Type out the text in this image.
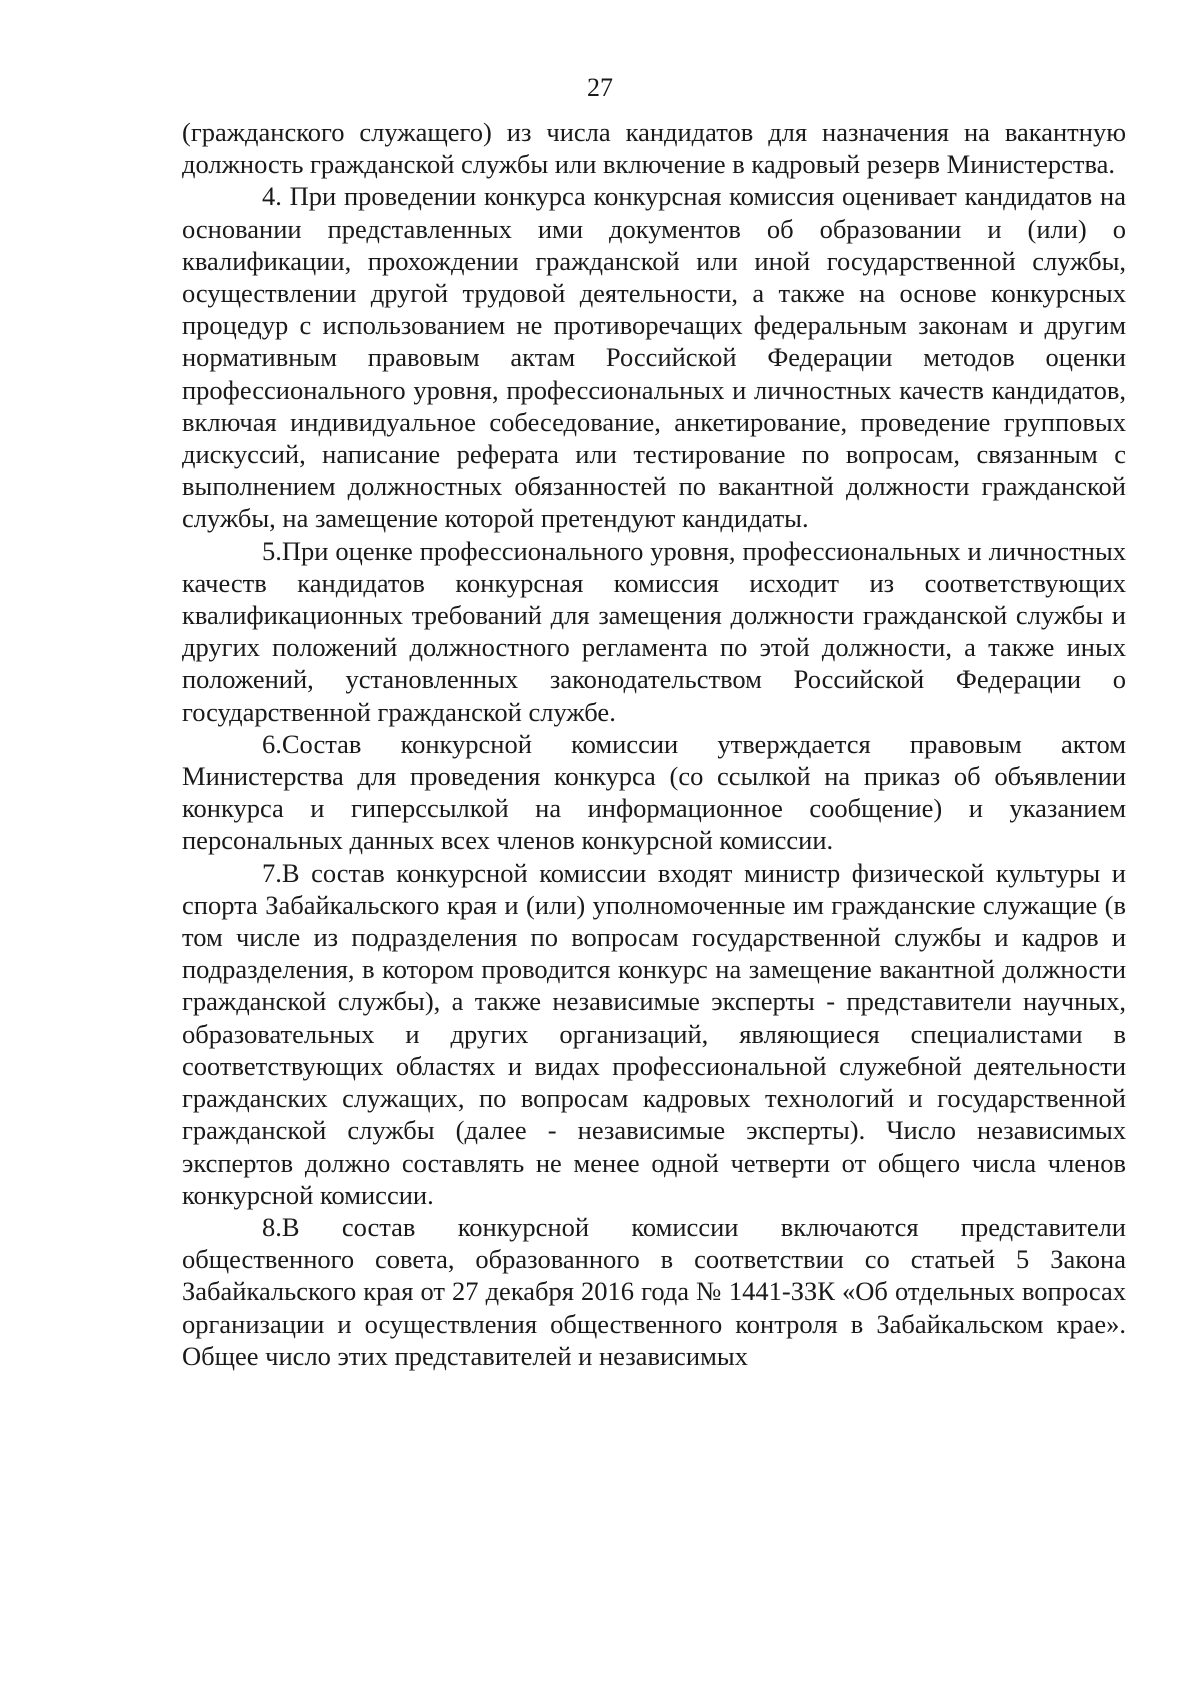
27

(гражданского служащего) из числа кандидатов для назначения на вакантную должность гражданской службы или включение в кадровый резерв Министерства.

4. При проведении конкурса конкурсная комиссия оценивает кандидатов на основании представленных ими документов об образовании и (или) о квалификации, прохождении гражданской или иной государственной службы, осуществлении другой трудовой деятельности, а также на основе конкурсных процедур с использованием не противоречащих федеральным законам и другим нормативным правовым актам Российской Федерации методов оценки профессионального уровня, профессиональных и личностных качеств кандидатов, включая индивидуальное собеседование, анкетирование, проведение групповых дискуссий, написание реферата или тестирование по вопросам, связанным с выполнением должностных обязанностей по вакантной должности гражданской службы, на замещение которой претендуют кандидаты.

5.При оценке профессионального уровня, профессиональных и личностных качеств кандидатов конкурсная комиссия исходит из соответствующих квалификационных требований для замещения должности гражданской службы и других положений должностного регламента по этой должности, а также иных положений, установленных законодательством Российской Федерации о государственной гражданской службе.

6.Состав конкурсной комиссии утверждается правовым актом Министерства для проведения конкурса (со ссылкой на приказ об объявлении конкурса и гиперссылкой на информационное сообщение) и указанием персональных данных всех членов конкурсной комиссии.

7.В состав конкурсной комиссии входят министр физической культуры и спорта Забайкальского края и (или) уполномоченные им гражданские служащие (в том числе из подразделения по вопросам государственной службы и кадров и подразделения, в котором проводится конкурс на замещение вакантной должности гражданской службы), а также независимые эксперты - представители научных, образовательных и других организаций, являющиеся специалистами в соответствующих областях и видах профессиональной служебной деятельности гражданских служащих, по вопросам кадровых технологий и государственной гражданской службы (далее - независимые эксперты). Число независимых экспертов должно составлять не менее одной четверти от общего числа членов конкурсной комиссии.

8.В состав конкурсной комиссии включаются представители общественного совета, образованного в соответствии со статьей 5 Закона Забайкальского края от 27 декабря 2016 года № 1441-ЗЗК «Об отдельных вопросах организации и осуществления общественного контроля в Забайкальском крае». Общее число этих представителей и независимых
